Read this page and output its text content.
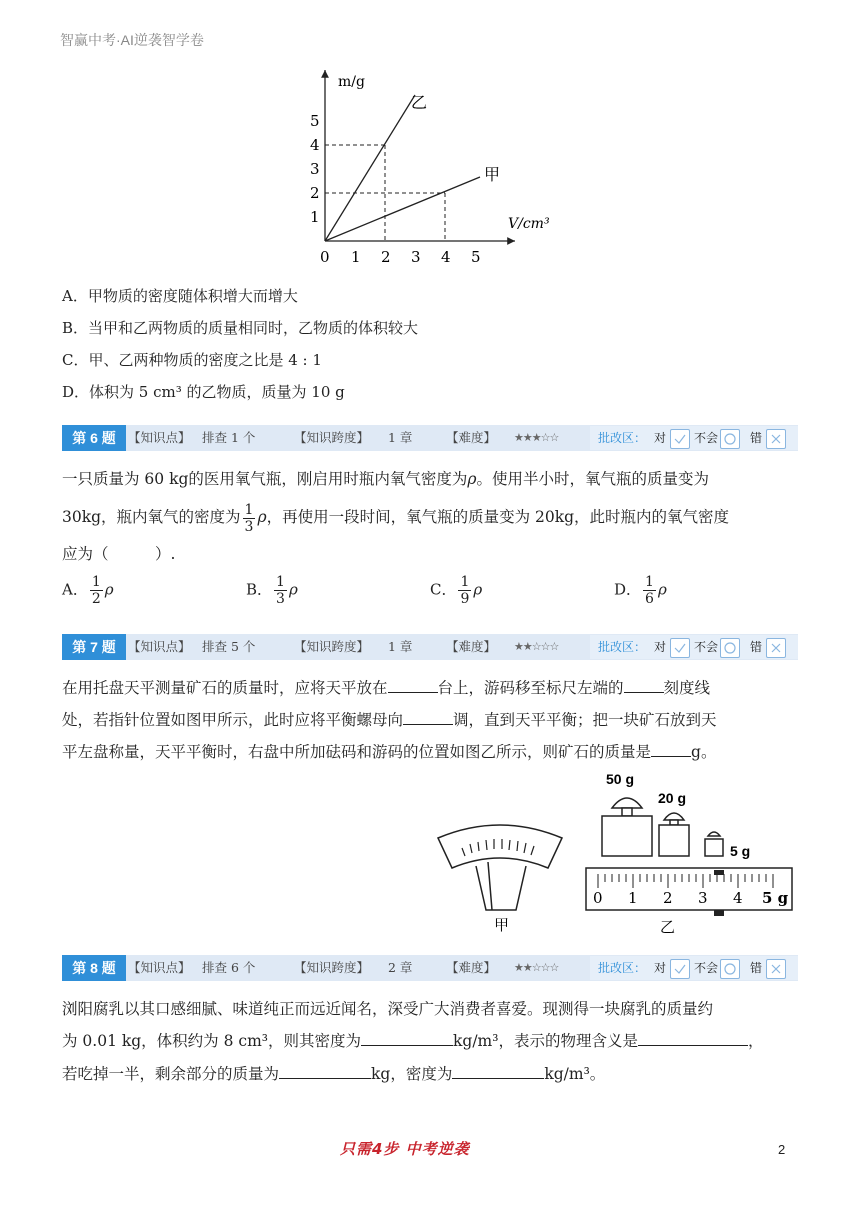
智赢中考·AI逆袭智学卷
m/g
V/cm³
0
1
2
3
4
5
1 2 3 4 5
乙
甲
A．甲物质的密度随体积增大而增大
B．当甲和乙两物质的质量相同时，乙物质的体积较大
C．甲、乙两种物质的密度之比是 4 : 1
D．体积为 5 cm³ 的乙物质，质量为 10 g
第 6 题 【知识点】 排查 1 个	【知识跨度】 1 章	【难度】 ★★★☆☆	批改区： 对 不会	错
一只质量为 60 kg的医用氧气瓶，刚启用时瓶内氧气密度为ρ。使用半小时，氧气瓶的质量变为
30kg，瓶内氧气的密度为 $\frac{1}{3}$ ρ，再使用一段时间，氧气瓶的质量变为 20kg，此时瓶内的氧气密度
应为（　　　）.
A． $\frac{1}{2}$ ρ	B． $\frac{1}{3}$ ρ	C． $\frac{1}{9}$ ρ	D． $\frac{1}{6}$ ρ
第 7 题 【知识点】 排查 5 个	【知识跨度】 1 章	【难度】 ★★☆☆☆	批改区： 对 不会	错
在用托盘天平测量矿石的质量时，应将天平放在	台上，游码移至标尺左端的	刻度线
处，若指针位置如图甲所示，此时应将平衡螺母向	调，直到天平平衡；把一块矿石放到天
平左盘称量，天平平衡时，右盘中所加砝码和游码的位置如图乙所示，则矿石的质量是	g。
甲
50 g
20 g
5 g
0 1 2 3 4 5 g
乙
第 8 题 【知识点】 排查 6 个	【知识跨度】 2 章	【难度】 ★★☆☆☆	批改区： 对 不会	错
浏阳腐乳以其口感细腻、味道纯正而远近闻名，深受广大消费者喜爱。现测得一块腐乳的质量约
为 0.01 kg，体积约为 8 cm³，则其密度为	kg/m³，表示的物理含义是	，
若吃掉一半，剩余部分的质量为	kg，密度为	kg/m³。
只需4步 中考逆袭	2
